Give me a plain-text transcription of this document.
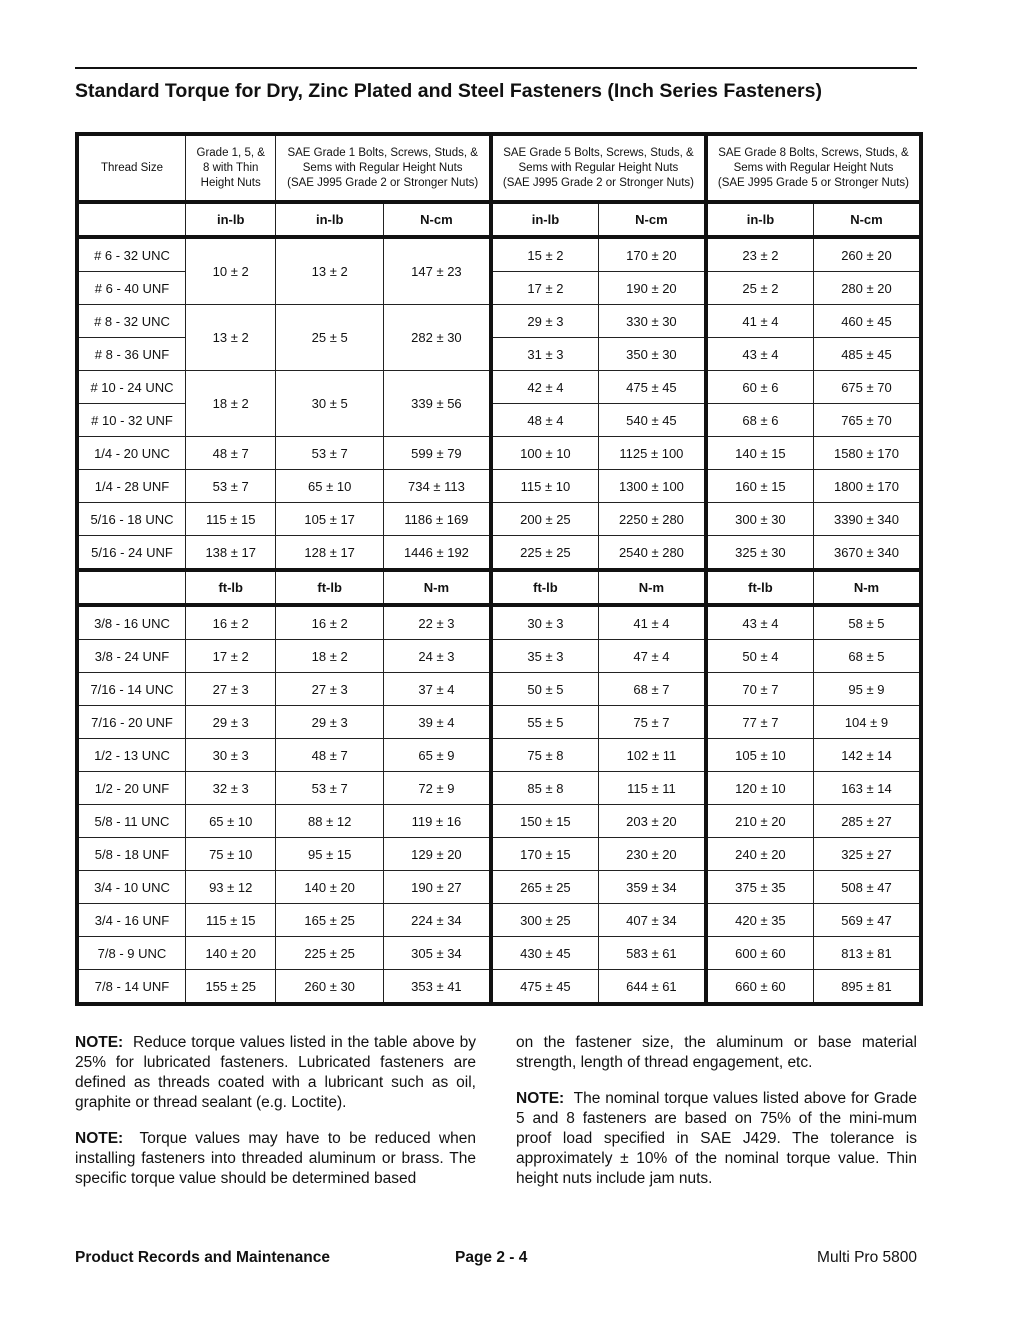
Standard Torque for Dry, Zinc Plated and Steel Fasteners (Inch Series Fasteners)
Thread Size	Grade 1, 5, &
8 with Thin
Height Nuts	SAE Grade 1 Bolts, Screws, Studs, &
Sems with Regular Height Nuts
(SAE J995 Grade 2 or Stronger Nuts)		SAE Grade 5 Bolts, Screws, Studs, &
Sems with Regular Height Nuts
(SAE J995 Grade 2 or Stronger Nuts)		SAE Grade 8 Bolts, Screws, Studs, &
Sems with Regular Height Nuts
(SAE J995 Grade 5 or Stronger Nuts)	
	in-lb	in-lb	N-cm	in-lb	N-cm	in-lb	N-cm
# 6 - 32 UNC	10 ± 2	13 ± 2	147 ± 23	15 ± 2	170 ± 20	23 ± 2	260 ± 20
# 6 - 40 UNF				17 ± 2	190 ± 20	25 ± 2	280 ± 20
# 8 - 32 UNC	13 ± 2	25 ± 5	282 ± 30	29 ± 3	330 ± 30	41 ± 4	460 ± 45
# 8 - 36 UNF				31 ± 3	350 ± 30	43 ± 4	485 ± 45
# 10 - 24 UNC	18 ± 2	30 ± 5	339 ± 56	42 ± 4	475 ± 45	60 ± 6	675 ± 70
# 10 - 32 UNF				48 ± 4	540 ± 45	68 ± 6	765 ± 70
1/4 - 20 UNC	48 ± 7	53 ± 7	599 ± 79	100 ± 10	1125 ± 100	140 ± 15	1580 ± 170
1/4 - 28 UNF	53 ± 7	65 ± 10	734 ± 113	115 ± 10	1300 ± 100	160 ± 15	1800 ± 170
5/16 - 18 UNC	115 ± 15	105 ± 17	1186 ± 169	200 ± 25	2250 ± 280	300 ± 30	3390 ± 340
5/16 - 24 UNF	138 ± 17	128 ± 17	1446 ± 192	225 ± 25	2540 ± 280	325 ± 30	3670 ± 340
	ft-lb	ft-lb	N-m	ft-lb	N-m	ft-lb	N-m
3/8 - 16 UNC	16 ± 2	16 ± 2	22 ± 3	30 ± 3	41 ± 4	43 ± 4	58 ± 5
3/8 - 24 UNF	17 ± 2	18 ± 2	24 ± 3	35 ± 3	47 ± 4	50 ± 4	68 ± 5
7/16 - 14 UNC	27 ± 3	27 ± 3	37 ± 4	50 ± 5	68 ± 7	70 ± 7	95 ± 9
7/16 - 20 UNF	29 ± 3	29 ± 3	39 ± 4	55 ± 5	75 ± 7	77 ± 7	104 ± 9
1/2 - 13 UNC	30 ± 3	48 ± 7	65 ± 9	75 ± 8	102 ± 11	105 ± 10	142 ± 14
1/2 - 20 UNF	32 ± 3	53 ± 7	72 ± 9	85 ± 8	115 ± 11	120 ± 10	163 ± 14
5/8 - 11 UNC	65 ± 10	88 ± 12	119 ± 16	150 ± 15	203 ± 20	210 ± 20	285 ± 27
5/8 - 18 UNF	75 ± 10	95 ± 15	129 ± 20	170 ± 15	230 ± 20	240 ± 20	325 ± 27
3/4 - 10 UNC	93 ± 12	140 ± 20	190 ± 27	265 ± 25	359 ± 34	375 ± 35	508 ± 47
3/4 - 16 UNF	115 ± 15	165 ± 25	224 ± 34	300 ± 25	407 ± 34	420 ± 35	569 ± 47
7/8 - 9 UNC	140 ± 20	225 ± 25	305 ± 34	430 ± 45	583 ± 61	600 ± 60	813 ± 81
7/8 - 14 UNF	155 ± 25	260 ± 30	353 ± 41	475 ± 45	644 ± 61	660 ± 60	895 ± 81

NOTE: Reduce torque values listed in the table above by 25% for lubricated fasteners. Lubricated fasteners are defined as threads coated with a lubricant such as oil, graphite or thread sealant (e.g. Loctite).

NOTE: Torque values may have to be reduced when installing fasteners into threaded aluminum or brass. The specific torque value should be determined based

on the fastener size, the aluminum or base material strength, length of thread engagement, etc.

NOTE: The nominal torque values listed above for Grade 5 and 8 fasteners are based on 75% of the mini-mum proof load specified in SAE J429. The tolerance is approximately ± 10% of the nominal torque value. Thin height nuts include jam nuts.

Product Records and Maintenance	Page 2 - 4	Multi Pro 5800
